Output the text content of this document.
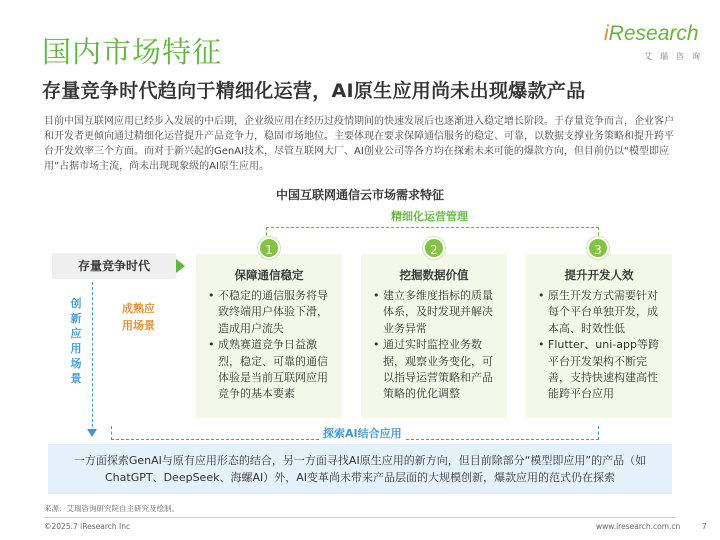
国内市场特征
iResearch
艾瑞咨询
存量竞争时代趋向于精细化运营，AI原生应用尚未出现爆款产品
目前中国互联网应用已经步入发展的中后期，企业级应用在经历过疫情期间的快速发展后也逐渐进入稳定增长阶段。于存量竞争而言，企业客户和开发者更倾向通过精细化运营提升产品竞争力，稳固市场地位。主要体现在要求保障通信服务的稳定、可靠，以数据支撑业务策略和提升跨平台开发效率三个方面。而对于新兴起的GenAI技术，尽管互联网大厂、AI创业公司等各方均在探索未来可能的爆款方向，但目前仍以“模型即应用”占据市场主流，尚未出现现象级的AI原生应用。
中国互联网通信云市场需求特征
精细化运营管理
存量竞争时代
创新应用场景
成熟应用场景
保障通信稳定
• 不稳定的通信服务将导致终端用户体验下滑，造成用户流失
• 成熟赛道竞争日益激烈，稳定、可靠的通信体验是当前互联网应用竞争的基本要素
挖掘数据价值
• 建立多维度指标的质量体系，及时发现并解决业务异常
• 通过实时监控业务数据，观察业务变化，可以指导运营策略和产品策略的优化调整
提升开发人效
• 原生开发方式需要针对每个平台单独开发，成本高、时效性低
• Flutter、uni-app等跨平台开发架构不断完善，支持快速构建高性能跨平台应用
1	2	3
探索AI结合应用
一方面探索GenAI与原有应用形态的结合，另一方面寻找AI原生应用的新方向，但目前除部分“模型即应用”的产品（如ChatGPT、DeepSeek、海螺AI）外，AI变革尚未带来产品层面的大规模创新，爆款应用的范式仍在探索
来源：艾瑞咨询研究院自主研究及绘制。
©2025.7 iResearch Inc	www.iresearch.com.cn	7
